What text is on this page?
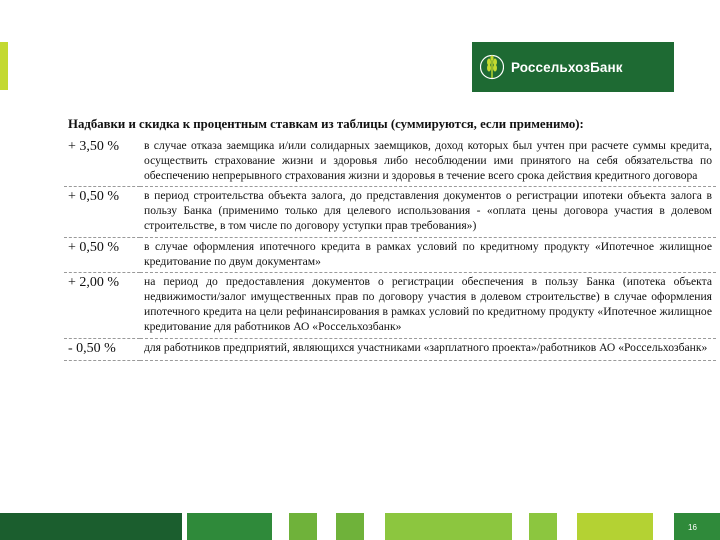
РоссельхозБанк
Надбавки и скидка к процентным ставкам из таблицы (суммируются, если применимо):
+ 3,50 %	в случае отказа заемщика и/или солидарных заемщиков, доход которых был учтен при расчете суммы кредита, осуществить страхование жизни и здоровья либо несоблюдении ими принятого на себя обязательства по обеспечению непрерывного страхования жизни и здоровья в течение всего срока действия кредитного договора
+ 0,50 %	в период строительства объекта залога, до представления документов о регистрации ипотеки объекта залога в пользу Банка (применимо только для целевого использования - «оплата цены договора участия в долевом строительстве, в том числе по договору уступки прав требования»)
+ 0,50 %	в случае оформления ипотечного кредита в рамках условий по кредитному продукту «Ипотечное жилищное кредитование по двум документам»
+ 2,00 %	на период до предоставления документов о регистрации обеспечения в пользу Банка (ипотека объекта недвижимости/залог имущественных прав по договору участия в долевом строительстве) в случае оформления ипотечного кредита на цели рефинансирования в рамках условий по кредитному продукту «Ипотечное жилищное кредитование для работников АО «Россельхозбанк»
- 0,50 %	для работников предприятий, являющихся участниками «зарплатного проекта»/работников АО «Россельхозбанк»
16
